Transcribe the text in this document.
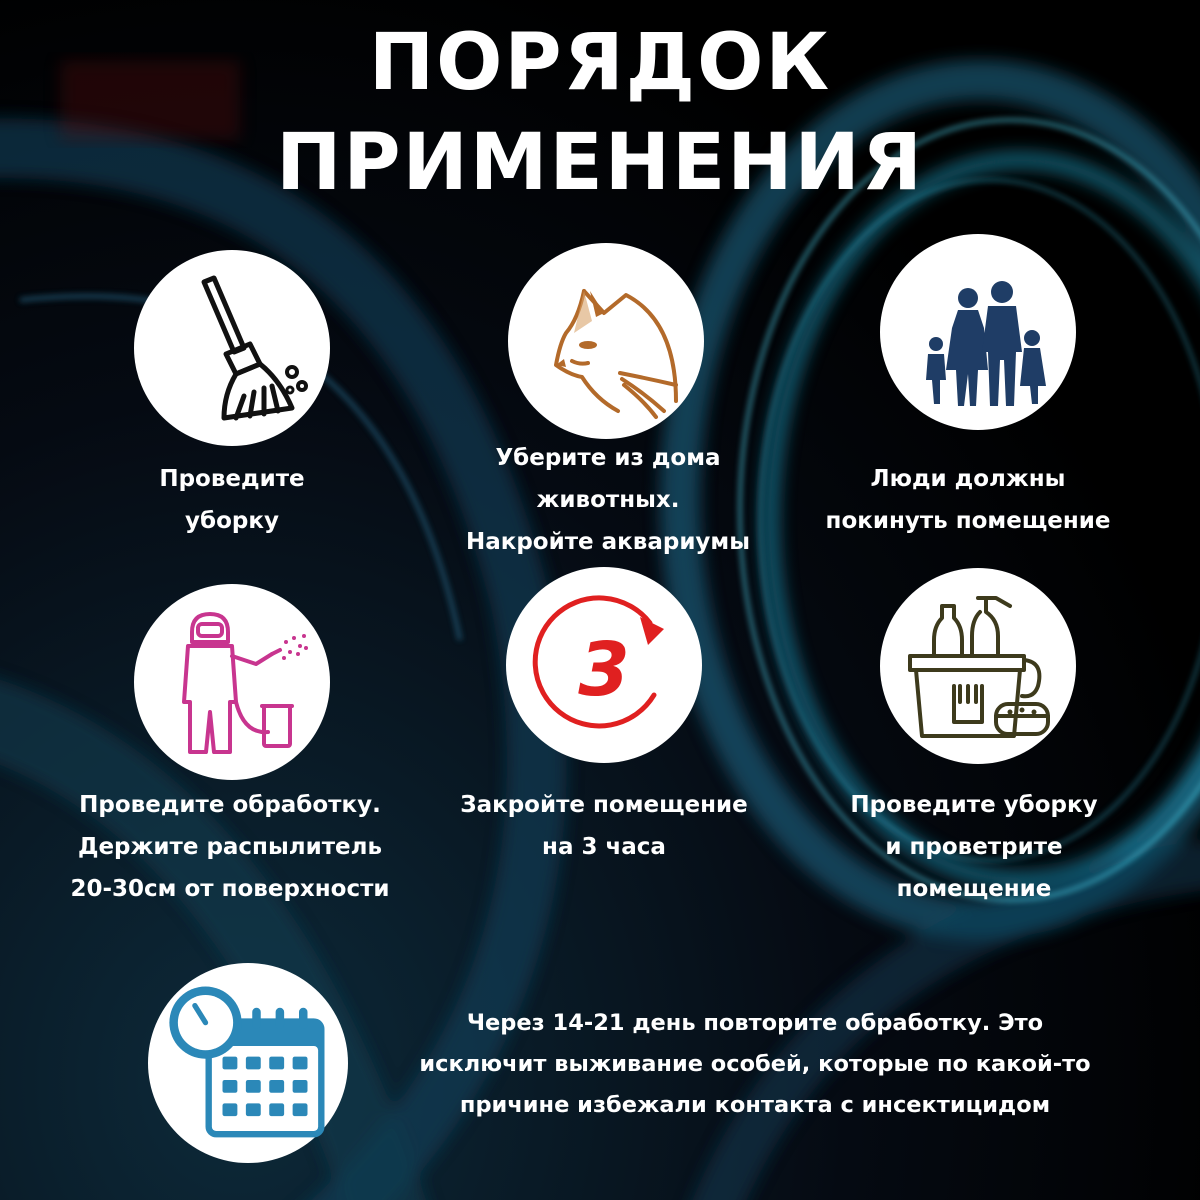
ПОРЯДОК
ПРИМЕНЕНИЯ
Проведите
уборку
Уберите из дома
животных.
Накройте аквариумы
Люди должны
покинуть помещение
Проведите обработку.
Держите распылитель
20-30см от поверхности
3
Закройте помещение
на 3 часа
Проведите уборку
и проветрите
помещение
Через 14-21 день повторите обработку. Это
исключит выживание особей, которые по какой-то
причине избежали контакта с инсектицидом
